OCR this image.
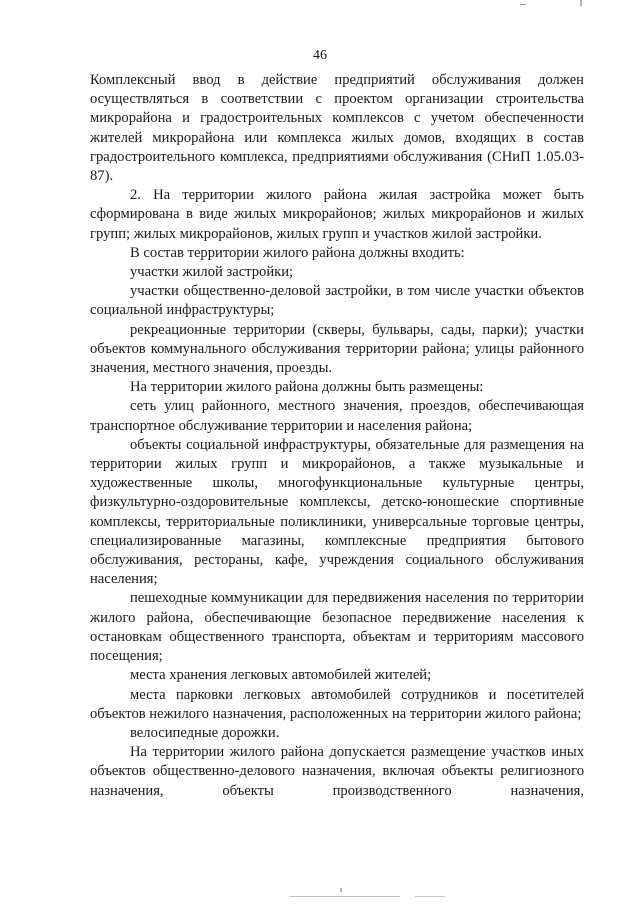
46

Комплексный ввод в действие предприятий обслуживания должен осуществляться в соответствии с проектом организации строительства микрорайона и градостроительных комплексов с учетом обеспеченности жителей микрорайона или комплекса жилых домов, входящих в состав градостроительного комплекса, предприятиями обслуживания (СНиП 1.05.03-87).

2. На территории жилого района жилая застройка может быть сформирована в виде жилых микрорайонов; жилых микрорайонов и жилых групп; жилых микрорайонов, жилых групп и участков жилой застройки.

В состав территории жилого района должны входить:

участки жилой застройки;

участки общественно-деловой застройки, в том числе участки объектов социальной инфраструктуры;

рекреационные территории (скверы, бульвары, сады, парки); участки объектов коммунального обслуживания территории района; улицы районного значения, местного значения, проезды.

На территории жилого района должны быть размещены:

сеть улиц районного, местного значения, проездов, обеспечивающая транспортное обслуживание территории и населения района;

объекты социальной инфраструктуры, обязательные для размещения на территории жилых групп и микрорайонов, а также музыкальные и художественные школы, многофункциональные культурные центры, физкультурно-оздоровительные комплексы, детско-юношеские спортивные комплексы, территориальные поликлиники, универсальные торговые центры, специализированные магазины, комплексные предприятия бытового обслуживания, рестораны, кафе, учреждения социального обслуживания населения;

пешеходные коммуникации для передвижения населения по территории жилого района, обеспечивающие безопасное передвижение населения к остановкам общественного транспорта, объектам и территориям массового посещения;

места хранения легковых автомобилей жителей;

места парковки легковых автомобилей сотрудников и посетителей объектов нежилого назначения, расположенных на территории жилого района;

велосипедные дорожки.

На территории жилого района допускается размещение участков иных объектов общественно-делового назначения, включая объекты религиозного назначения, объекты производственного назначения,
